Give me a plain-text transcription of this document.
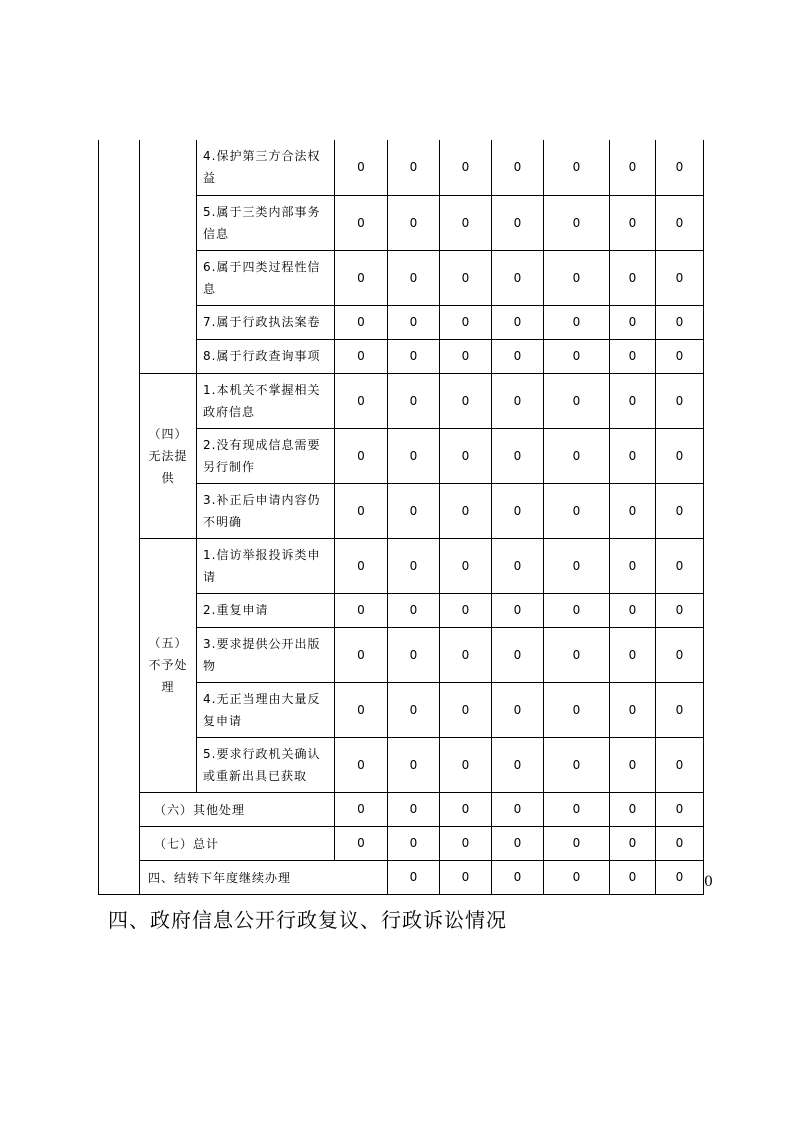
		4.保护第三方合法权益	0	0	0	0	0	0	0	
		5.属于三类内部事务信息	0	0	0	0	0	0	0	
		6.属于四类过程性信息	0	0	0	0	0	0	0	
		7.属于行政执法案卷	0	0	0	0	0	0	0	
		8.属于行政查询事项	0	0	0	0	0	0	0	
	（四）无法提供	1.本机关不掌握相关政府信息	0	0	0	0	0	0	0	
		2.没有现成信息需要另行制作	0	0	0	0	0	0	0	
		3.补正后申请内容仍不明确	0	0	0	0	0	0	0	
	（五）不予处理	1.信访举报投诉类申请	0	0	0	0	0	0	0	
		2.重复申请	0	0	0	0	0	0	0	
		3.要求提供公开出版物	0	0	0	0	0	0	0	
		4.无正当理由大量反复申请	0	0	0	0	0	0	0	
		5.要求行政机关确认或重新出具已获取	0	0	0	0	0	0	0	
	（六）其他处理		0	0	0	0	0	0	0	
	（七）总计		0	0	0	0	0	0	0	
	四、结转下年度继续办理			0	0	0	0	0	0	0
四、政府信息公开行政复议、行政诉讼情况
